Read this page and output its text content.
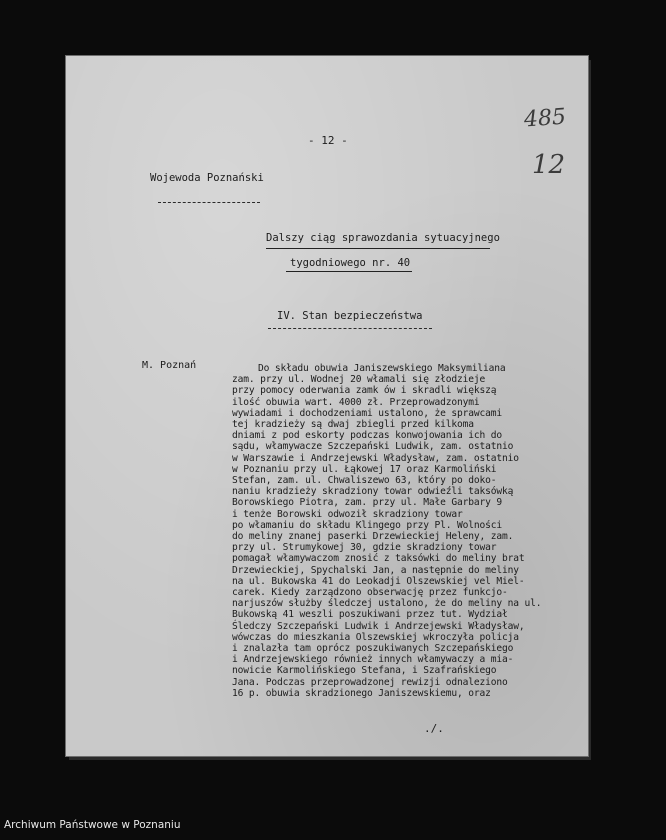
- 12 -
485
12
Wojewoda Poznański
Dalszy ciąg sprawozdania sytuacyjnego
tygodniowego nr. 40
IV. Stan bezpieczeństwa
M. Poznań	Do składu obuwia Janiszewskiego Maksymiliana
zam. przy ul. Wodnej 20 włamali się złodzieje
przy pomocy oderwania zamk ów i skradli większą
ilość obuwia wart. 4000 zł. Przeprowadzonymi
wywiadami i dochodzeniami ustalono, że sprawcami
tej kradzieży są dwaj zbiegli przed kilkoma
dniami z pod eskorty podczas konwojowania ich do
sądu, włamywacze Szczepański Ludwik, zam. ostatnio
w Warszawie i Andrzejewski Władysław, zam. ostatnio
w Poznaniu przy ul. Łąkowej 17 oraz Karmoliński
Stefan, zam. ul. Chwaliszewo 63, który po doko-
naniu kradzieży skradziony towar odwieźli taksówką
Borowskiego Piotra, zam. przy ul. Małe Garbary 9
i tenże Borowski odwoził skradziony towar
po włamaniu do składu Klingego przy Pl. Wolności
do meliny znanej paserki Drzewieckiej Heleny, zam.
przy ul. Strumykowej 30, gdzie skradziony towar
pomagał włamywaczom znosić z taksówki do meliny brat
Drzewieckiej, Spychalski Jan, a następnie do meliny
na ul. Bukowska 41 do Leokadji Olszewskiej vel Miel-
carek. Kiedy zarządzono obserwację przez funkcjo-
narjuszów służby śledczej ustalono, że do meliny na ul.
Bukowską 41 weszli poszukiwani przez tut. Wydział
Śledczy Szczepański Ludwik i Andrzejewski Władysław,
wówczas do mieszkania Olszewskiej wkroczyła policja
i znalazła tam oprócz poszukiwanych Szczepańskiego
i Andrzejewskiego również innych włamywaczy a mia-
nowicie Karmolińskiego Stefana, i Szafrańskiego
Jana. Podczas przeprowadzonej rewizji odnaleziono
16 p. obuwia skradzionego Janiszewskiemu, oraz
./.
Archiwum Państwowe w Poznaniu
